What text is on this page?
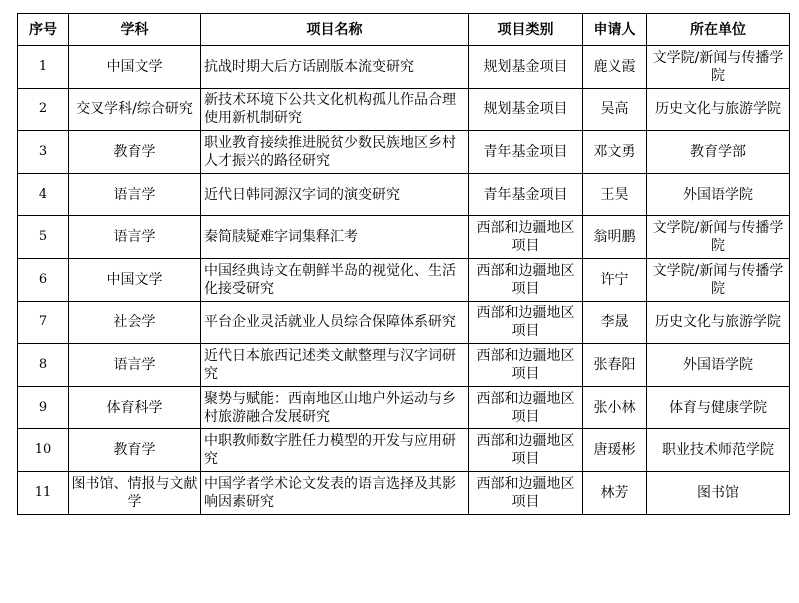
序号	学科	项目名称	项目类别	申请人	所在单位
1	中国文学	抗战时期大后方话剧版本流变研究	规划基金项目	鹿义霞	文学院/新闻与传播学院
2	交叉学科/综合研究	新技术环境下公共文化机构孤儿作品合理使用新机制研究	规划基金项目	吴高	历史文化与旅游学院
3	教育学	职业教育接续推进脱贫少数民族地区乡村人才振兴的路径研究	青年基金项目	邓文勇	教育学部
4	语言学	近代日韩同源汉字词的演变研究	青年基金项目	王昊	外国语学院
5	语言学	秦简牍疑难字词集释汇考	西部和边疆地区项目	翁明鹏	文学院/新闻与传播学院
6	中国文学	中国经典诗文在朝鲜半岛的视觉化、生活化接受研究	西部和边疆地区项目	许宁	文学院/新闻与传播学院
7	社会学	平台企业灵活就业人员综合保障体系研究	西部和边疆地区项目	李晟	历史文化与旅游学院
8	语言学	近代日本旅西记述类文献整理与汉字词研究	西部和边疆地区项目	张春阳	外国语学院
9	体育科学	聚势与赋能：西南地区山地户外运动与乡村旅游融合发展研究	西部和边疆地区项目	张小林	体育与健康学院
10	教育学	中职教师数字胜任力模型的开发与应用研究	西部和边疆地区项目	唐瑗彬	职业技术师范学院
11	图书馆、情报与文献学	中国学者学术论文发表的语言选择及其影响因素研究	西部和边疆地区项目	林芳	图书馆
